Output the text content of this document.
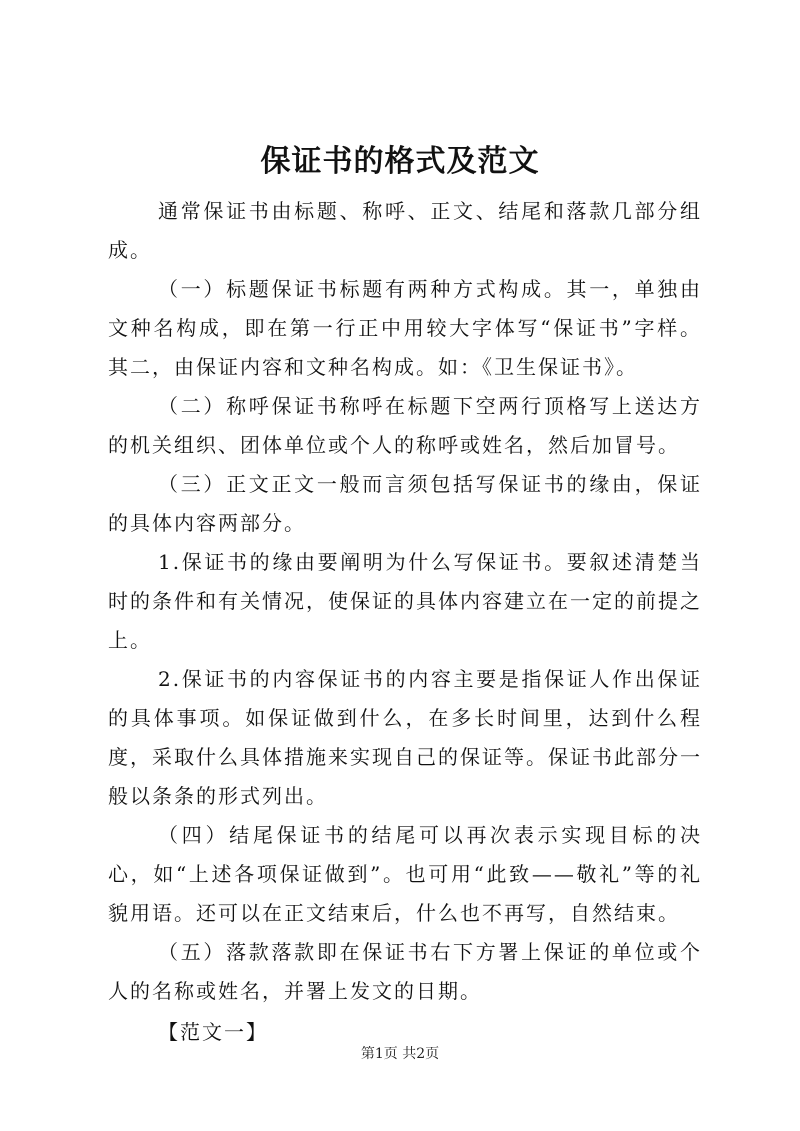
保证书的格式及范文

通常保证书由标题、称呼、正文、结尾和落款几部分组成。

（一）标题保证书标题有两种方式构成。其一，单独由文种名构成，即在第一行正中用较大字体写“保证书”字样。其二，由保证内容和文种名构成。如：《卫生保证书》。

（二）称呼保证书称呼在标题下空两行顶格写上送达方的机关组织、团体单位或个人的称呼或姓名，然后加冒号。

（三）正文正文一般而言须包括写保证书的缘由，保证的具体内容两部分。

1.保证书的缘由要阐明为什么写保证书。要叙述清楚当时的条件和有关情况，使保证的具体内容建立在一定的前提之上。

2.保证书的内容保证书的内容主要是指保证人作出保证的具体事项。如保证做到什么，在多长时间里，达到什么程度，采取什么具体措施来实现自己的保证等。保证书此部分一般以条条的形式列出。

（四）结尾保证书的结尾可以再次表示实现目标的决心，如“上述各项保证做到”。也可用“此致——敬礼”等的礼貌用语。还可以在正文结束后，什么也不再写，自然结束。

（五）落款落款即在保证书右下方署上保证的单位或个人的名称或姓名，并署上发文的日期。

【范文一】

第1页 共2页
